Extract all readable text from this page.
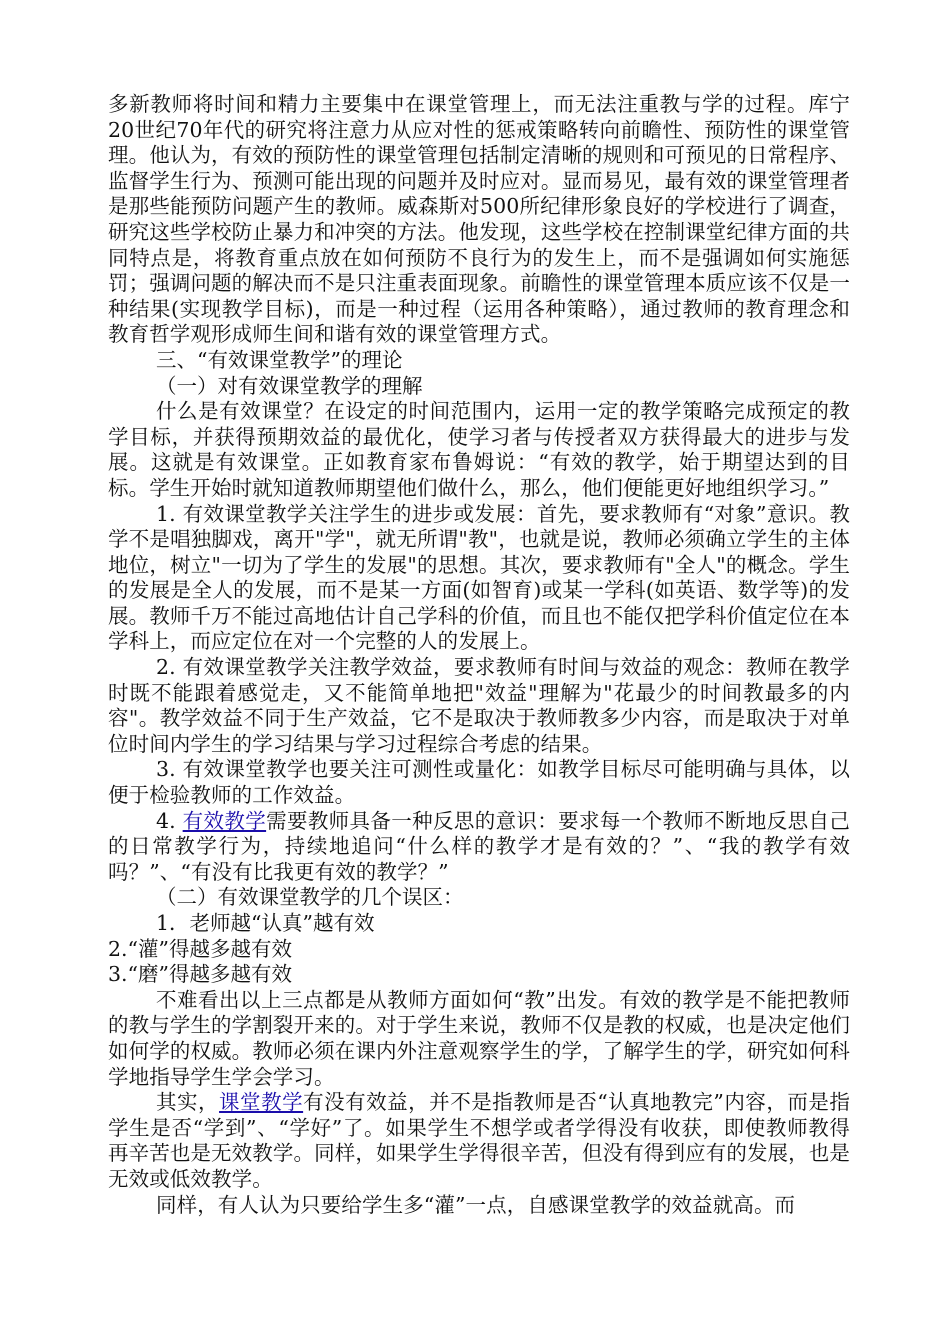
多新教师将时间和精力主要集中在课堂管理上，而无法注重教与学的过程。库宁20世纪70年代的研究将注意力从应对性的惩戒策略转向前瞻性、预防性的课堂管理。他认为，有效的预防性的课堂管理包括制定清晰的规则和可预见的日常程序、监督学生行为、预测可能出现的问题并及时应对。显而易见，最有效的课堂管理者是那些能预防问题产生的教师。威森斯对500所纪律形象良好的学校进行了调查，研究这些学校防止暴力和冲突的方法。他发现，这些学校在控制课堂纪律方面的共同特点是，将教育重点放在如何预防不良行为的发生上，而不是强调如何实施惩罚；强调问题的解决而不是只注重表面现象。前瞻性的课堂管理本质应该不仅是一种结果(实现教学目标)，而是一种过程（运用各种策略），通过教师的教育理念和教育哲学观形成师生间和谐有效的课堂管理方式。

三、“有效课堂教学”的理论

（一）对有效课堂教学的理解

什么是有效课堂？在设定的时间范围内，运用一定的教学策略完成预定的教学目标，并获得预期效益的最优化，使学习者与传授者双方获得最大的进步与发展。这就是有效课堂。正如教育家布鲁姆说：“有效的教学，始于期望达到的目标。学生开始时就知道教师期望他们做什么，那么，他们便能更好地组织学习。”

1. 有效课堂教学关注学生的进步或发展：首先，要求教师有“对象”意识。教学不是唱独脚戏，离开"学"，就无所谓"教"，也就是说，教师必须确立学生的主体地位，树立"一切为了学生的发展"的思想。其次，要求教师有"全人"的概念。学生的发展是全人的发展，而不是某一方面(如智育)或某一学科(如英语、数学等)的发展。教师千万不能过高地估计自己学科的价值，而且也不能仅把学科价值定位在本学科上，而应定位在对一个完整的人的发展上。

2. 有效课堂教学关注教学效益，要求教师有时间与效益的观念：教师在教学时既不能跟着感觉走，又不能简单地把"效益"理解为"花最少的时间教最多的内容"。教学效益不同于生产效益，它不是取决于教师教多少内容，而是取决于对单位时间内学生的学习结果与学习过程综合考虑的结果。

3. 有效课堂教学也要关注可测性或量化：如教学目标尽可能明确与具体，以便于检验教师的工作效益。

4. 有效教学需要教师具备一种反思的意识：要求每一个教师不断地反思自己的日常教学行为，持续地追问“什么样的教学才是有效的？”、“我的教学有效吗？”、“有没有比我更有效的教学？”

（二）有效课堂教学的几个误区：

1．老师越“认真”越有效

2.“灌”得越多越有效

3.“磨”得越多越有效

不难看出以上三点都是从教师方面如何“教”出发。有效的教学是不能把教师的教与学生的学割裂开来的。对于学生来说，教师不仅是教的权威，也是决定他们如何学的权威。教师必须在课内外注意观察学生的学，了解学生的学，研究如何科学地指导学生学会学习。

其实，课堂教学有没有效益，并不是指教师是否“认真地教完”内容，而是指学生是否“学到”、“学好”了。如果学生不想学或者学得没有收获，即使教师教得再辛苦也是无效教学。同样，如果学生学得很辛苦，但没有得到应有的发展，也是无效或低效教学。

同样，有人认为只要给学生多“灌”一点，自感课堂教学的效益就高。而
